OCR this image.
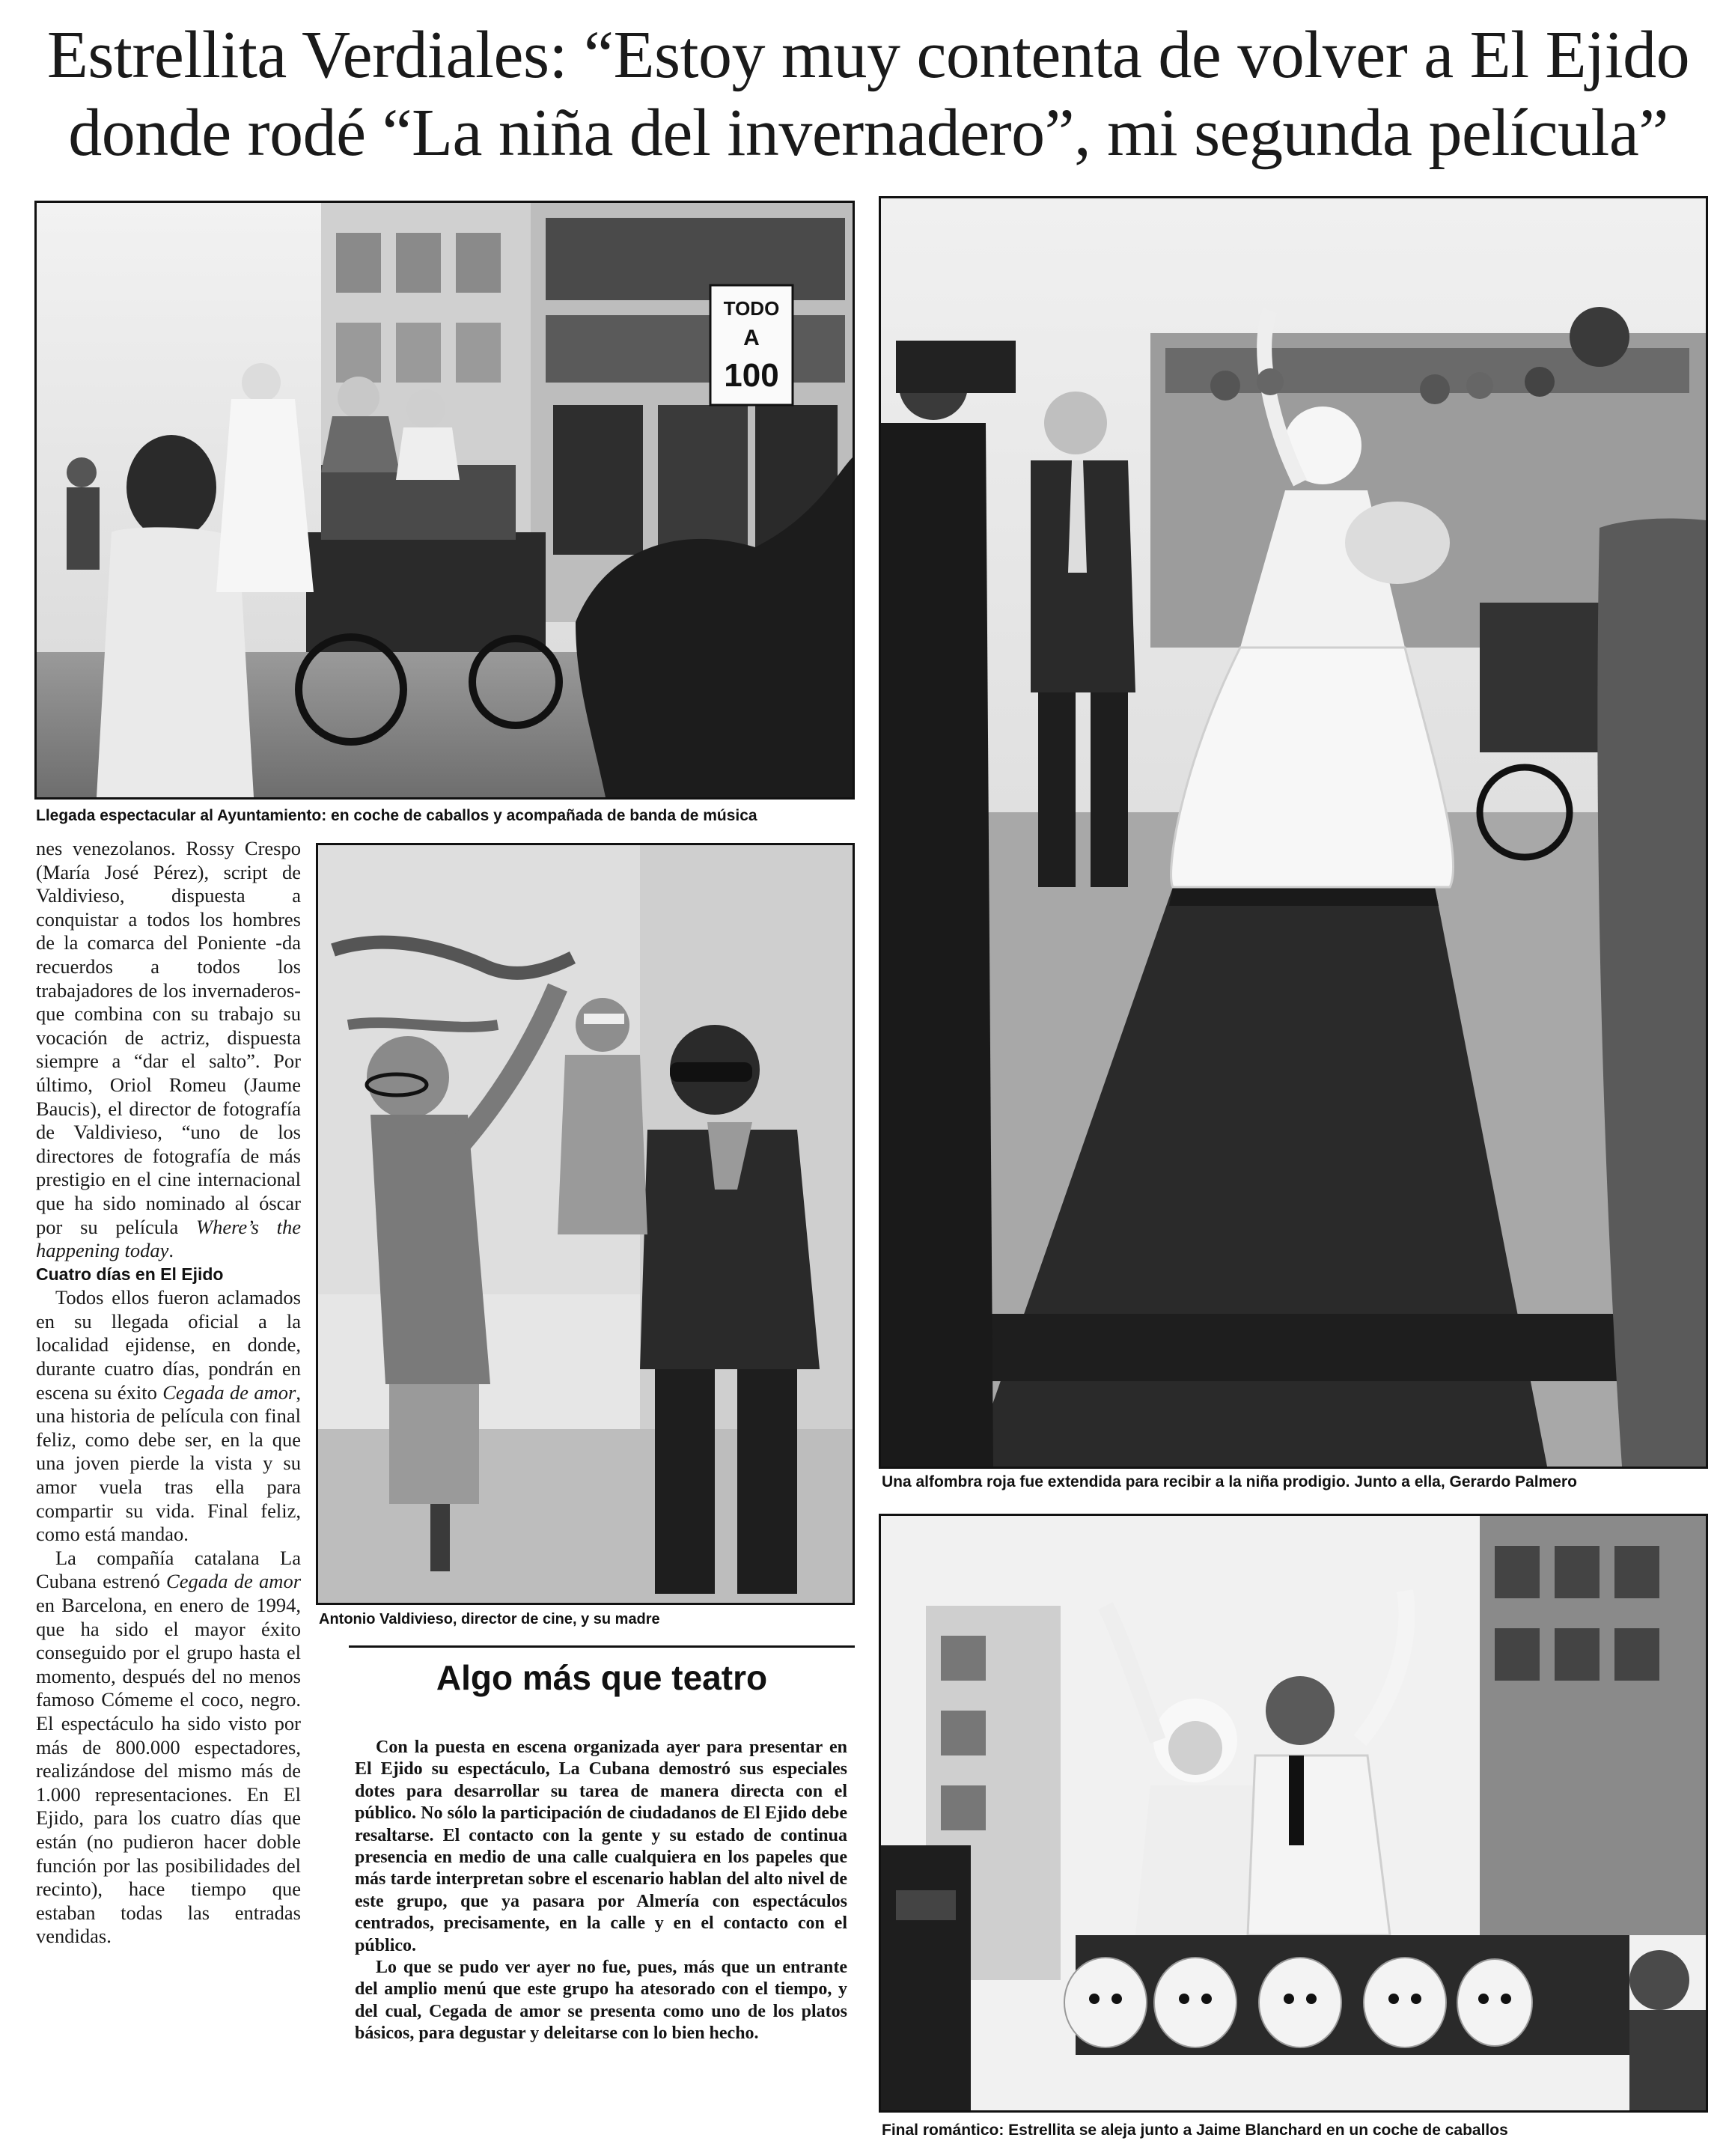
Estrellita Verdiales: “Estoy muy contenta de volver a El Ejido
donde rodé “La niña del invernadero”, mi segunda película”
TODO
A
100
Llegada espectacular al Ayuntamiento: en coche de caballos y acompañada de banda de música
Una alfombra roja fue extendida para recibir a la niña prodigio. Junto a ella, Gerardo Palmero
Antonio Valdivieso, director de cine, y su madre
Final romántico: Estrellita se aleja junto a Jaime Blanchard en un coche de caballos

nes venezolanos. Rossy Crespo (María José Pérez), script de Valdivieso, dispuesta a conquistar a todos los hombres de la comarca del Poniente -da recuerdos a todos los trabajadores de los invernaderos- que combina con su trabajo su vocación de actriz, dispuesta siempre a “dar el salto”. Por último, Oriol Romeu (Jaume Baucis), el director de fotografía de Valdivieso, “uno de los directores de fotografía de más prestigio en el cine internacional que ha sido nominado al óscar por su película Where’s the happening today.

Cuatro días en El Ejido

Todos ellos fueron aclamados en su llegada oficial a la localidad ejidense, en donde, durante cuatro días, pondrán en escena su éxito Cegada de amor, una historia de película con final feliz, como debe ser, en la que una joven pierde la vista y su amor vuela tras ella para compartir su vida. Final feliz, como está mandao.

La compañía catalana La Cubana estrenó Cegada de amor en Barcelona, en enero de 1994, que ha sido el mayor éxito conseguido por el grupo hasta el momento, después del no menos famoso Cómeme el coco, negro. El espectáculo ha sido visto por más de 800.000 espectadores, realizándose del mismo más de 1.000 representaciones. En El Ejido, para los cuatro días que están (no pudieron hacer doble función por las posibilidades del recinto), hace tiempo que estaban todas las entradas vendidas.

Algo más que teatro

Con la puesta en escena organizada ayer para presentar en El Ejido su espectáculo, La Cubana demostró sus especiales dotes para desarrollar su tarea de manera directa con el público. No sólo la participación de ciudadanos de El Ejido debe resaltarse. El contacto con la gente y su estado de continua presencia en medio de una calle cualquiera en los papeles que más tarde interpretan sobre el escenario hablan del alto nivel de este grupo, que ya pasara por Almería con espectáculos centrados, precisamente, en la calle y en el contacto con el público.

Lo que se pudo ver ayer no fue, pues, más que un entrante del amplio menú que este grupo ha atesorado con el tiempo, y del cual, Cegada de amor se presenta como uno de los platos básicos, para degustar y deleitarse con lo bien hecho.
